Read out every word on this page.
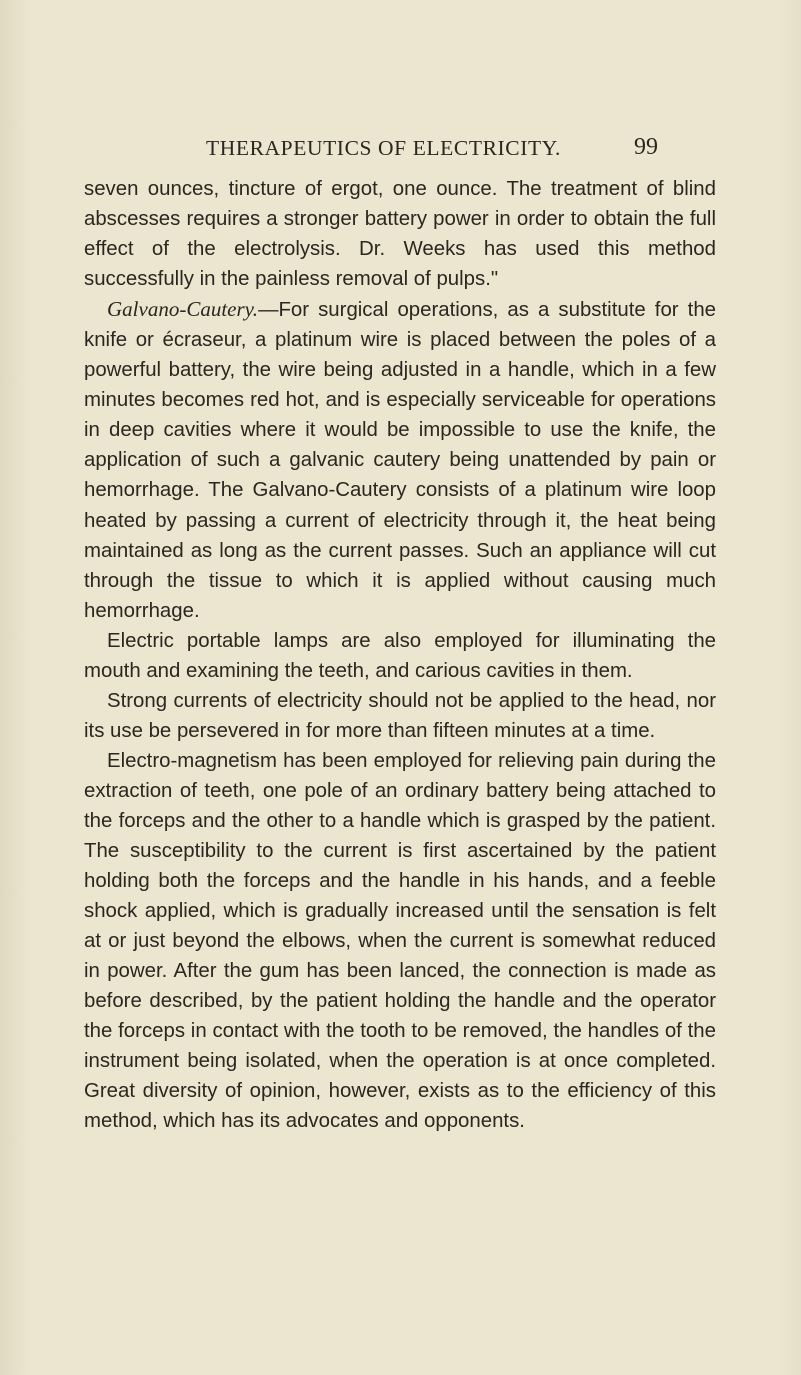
THERAPEUTICS OF ELECTRICITY.	99

seven ounces, tincture of ergot, one ounce. The treatment of blind abscesses requires a stronger battery power in order to obtain the full effect of the electrolysis. Dr. Weeks has used this method successfully in the painless removal of pulps."

Galvano-Cautery.—For surgical operations, as a substitute for the knife or écraseur, a platinum wire is placed between the poles of a powerful battery, the wire being adjusted in a handle, which in a few minutes becomes red hot, and is especially serviceable for operations in deep cavities where it would be impossible to use the knife, the application of such a galvanic cautery being unattended by pain or hemorrhage. The Galvano-Cautery consists of a platinum wire loop heated by passing a current of electricity through it, the heat being maintained as long as the current passes. Such an appliance will cut through the tissue to which it is applied without causing much hemorrhage.

Electric portable lamps are also employed for illuminating the mouth and examining the teeth, and carious cavities in them.

Strong currents of electricity should not be applied to the head, nor its use be persevered in for more than fifteen minutes at a time.

Electro-magnetism has been employed for relieving pain during the extraction of teeth, one pole of an ordinary battery being attached to the forceps and the other to a handle which is grasped by the patient. The susceptibility to the current is first ascertained by the patient holding both the forceps and the handle in his hands, and a feeble shock applied, which is gradually increased until the sensation is felt at or just beyond the elbows, when the current is somewhat reduced in power. After the gum has been lanced, the connection is made as before described, by the patient holding the handle and the operator the forceps in contact with the tooth to be removed, the handles of the instrument being isolated, when the operation is at once completed. Great diversity of opinion, however, exists as to the efficiency of this method, which has its advocates and opponents.
